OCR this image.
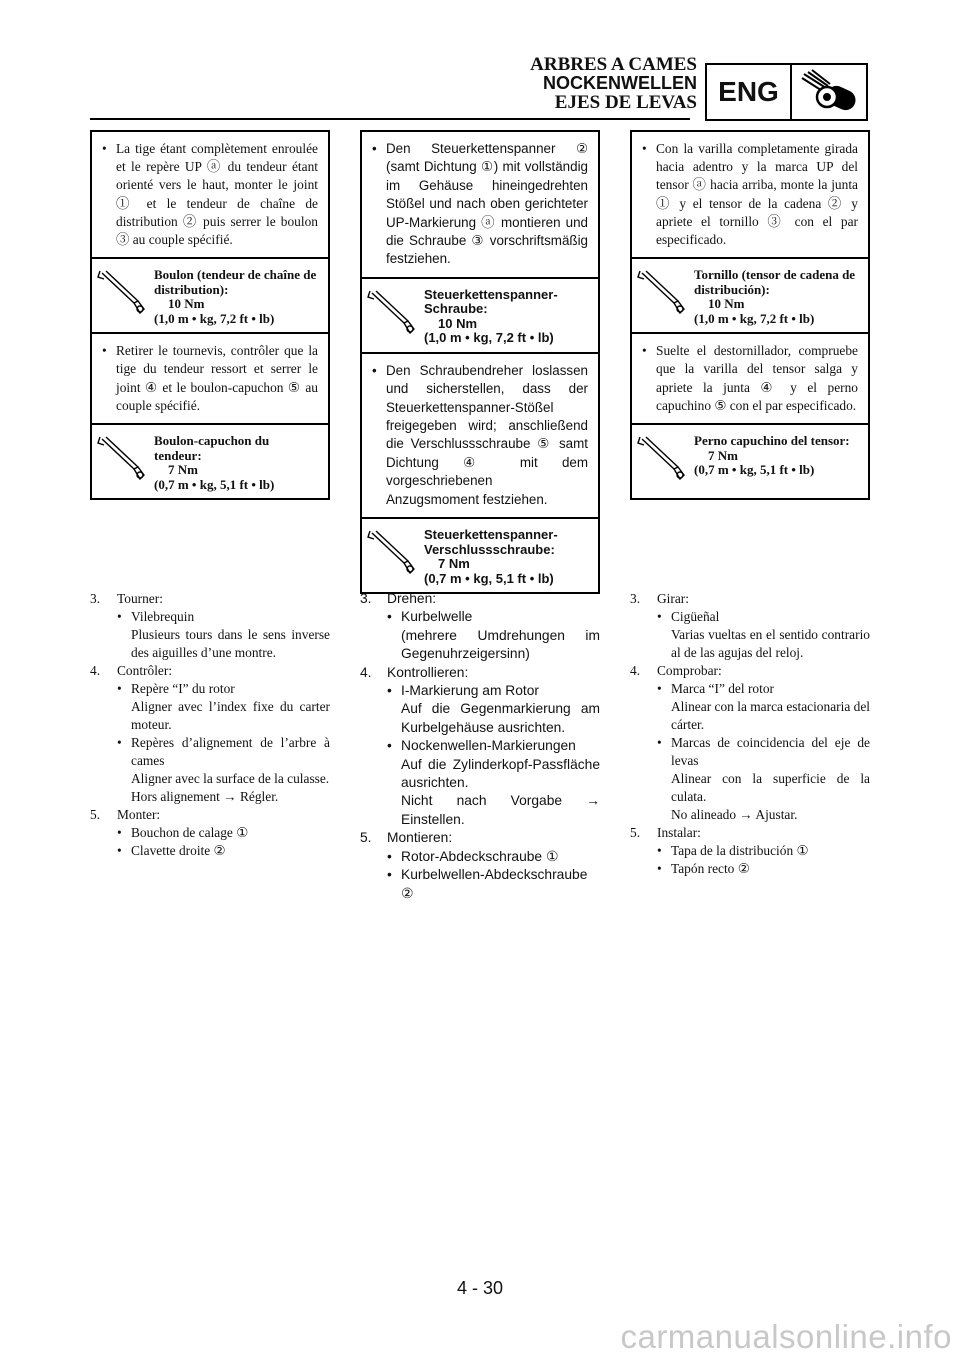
ARBRES A CAMES
NOCKENWELLEN
EJES DE LEVAS ENG
• La tige étant complètement enroulée et le repère UP ⓐ du tendeur étant orienté vers le haut, monter le joint ① et le tendeur de chaîne de distribution ② puis serrer le boulon ③ au couple spécifié.
Boulon (tendeur de chaîne de distribution):
10 Nm
(1,0 m • kg, 7,2 ft • lb)
• Retirer le tournevis, contrôler que la tige du tendeur ressort et serrer le joint ④ et le boulon-capuchon ⑤ au couple spécifié.
Boulon-capuchon du tendeur:
7 Nm
(0,7 m • kg, 5,1 ft • lb)
• Den Steuerkettenspanner ② (samt Dichtung ①) mit vollständig im Gehäuse hineingedrehten Stößel und nach oben gerichteter UP-Markierung ⓐ montieren und die Schraube ③ vorschriftsmäßig festziehen.
Steuerkettenspanner-Schraube:
10 Nm
(1,0 m • kg, 7,2 ft • lb)
• Den Schraubendreher loslassen und sicherstellen, dass der Steuerkettenspanner-Stößel freigegeben wird; anschließend die Verschlussschraube ⑤ samt Dichtung ④ mit dem vorgeschriebenen Anzugsmoment festziehen.
Steuerkettenspanner-Verschlussschraube:
7 Nm
(0,7 m • kg, 5,1 ft • lb)
• Con la varilla completamente girada hacia adentro y la marca UP del tensor ⓐ hacia arriba, monte la junta ① y el tensor de la cadena ② y apriete el tornillo ③ con el par especificado.
Tornillo (tensor de cadena de distribución):
10 Nm
(1,0 m • kg, 7,2 ft • lb)
• Suelte el destornillador, compruebe que la varilla del tensor salga y apriete la junta ④ y el perno capuchino ⑤ con el par especificado.
Perno capuchino del tensor:
7 Nm
(0,7 m • kg, 5,1 ft • lb)
3.	Tourner:
• Vilebrequin
Plusieurs tours dans le sens inverse des aiguilles d’une montre.
4.	Contrôler:
• Repère “I” du rotor
Aligner avec l’index fixe du carter moteur.
• Repères d’alignement de l’arbre à cames
Aligner avec la surface de la culasse.
Hors alignement → Régler.
5.	Monter:
• Bouchon de calage ①
• Clavette droite ②
3.	Drehen:
• Kurbelwelle
(mehrere Umdrehungen im Gegenuhrzeigersinn)
4.	Kontrollieren:
• I-Markierung am Rotor
Auf die Gegenmarkierung am Kurbelgehäuse ausrichten.
• Nockenwellen-Markierungen
Auf die Zylinderkopf-Passfläche ausrichten.
Nicht nach Vorgabe → Einstellen.
5.	Montieren:
• Rotor-Abdeckschraube ①
• Kurbelwellen-Abdeckschraube ②
3.	Girar:
• Cigüeñal
Varias vueltas en el sentido contrario al de las agujas del reloj.
4.	Comprobar:
• Marca “I” del rotor
Alinear con la marca estacionaria del cárter.
• Marcas de coincidencia del eje de levas
Alinear con la superficie de la culata.
No alineado → Ajustar.
5.	Instalar:
• Tapa de la distribución ①
• Tapón recto ②
4 - 30
carmanualsonline.info
